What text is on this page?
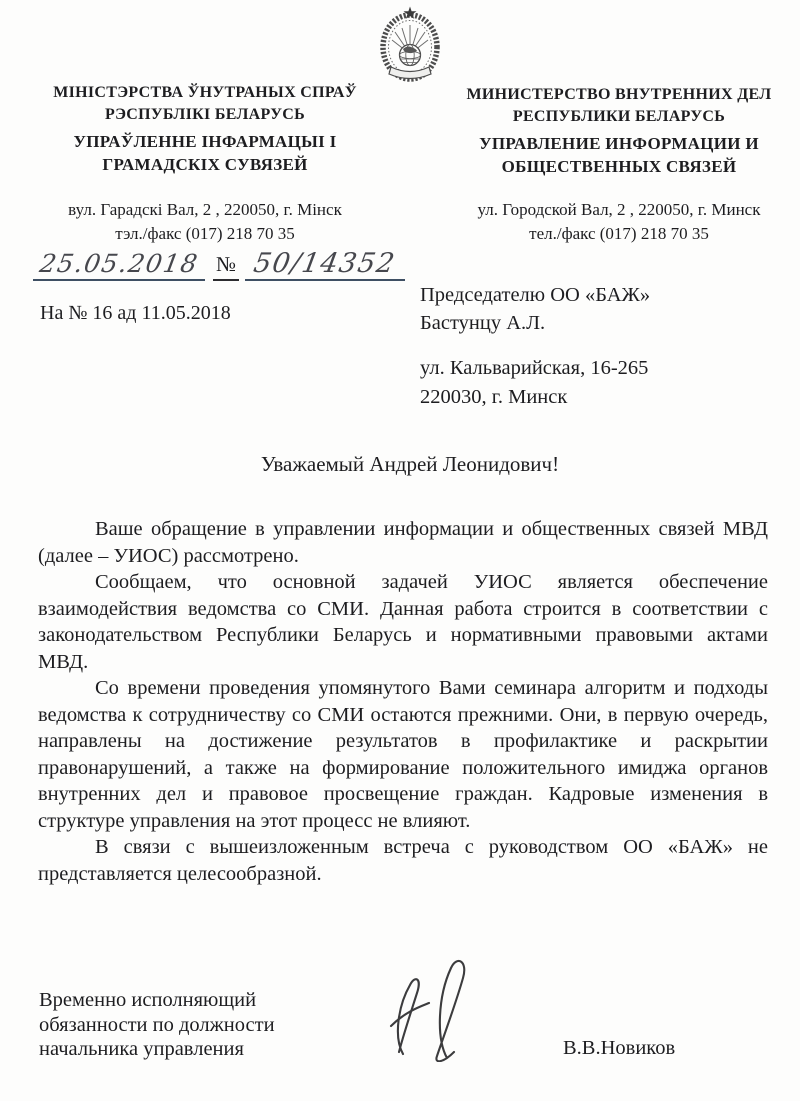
МІНІСТЭРСТВА ЎНУТРАНЫХ СПРАЎ
РЭСПУБЛІКІ БЕЛАРУСЬ
УПРАЎЛЕННЕ ІНФАРМАЦЫІ І
ГРАМАДСКІХ СУВЯЗЕЙ
МИНИСТЕРСТВО ВНУТРЕННИХ ДЕЛ
РЕСПУБЛИКИ БЕЛАРУСЬ
УПРАВЛЕНИЕ ИНФОРМАЦИИ И
ОБЩЕСТВЕННЫХ СВЯЗЕЙ
вул. Гарадскі Вал, 2 , 220050, г. Мінск
тэл./факс (017) 218 70 35
ул. Городской Вал, 2 , 220050, г. Минск
тел./факс (017) 218 70 35
25.05.2018 № 50/14352
На № 16 ад 11.05.2018
Председателю ОО «БАЖ»
Бастунцу А.Л.
ул. Кальварийская, 16-265
220030, г. Минск
Уважаемый Андрей Леонидович!

Ваше обращение в управлении информации и общественных связей МВД (далее – УИОС) рассмотрено.

Сообщаем, что основной задачей УИОС является обеспечение взаимодействия ведомства со СМИ. Данная работа строится в соответствии с законодательством Республики Беларусь и нормативными правовыми актами МВД.

Со времени проведения упомянутого Вами семинара алгоритм и подходы ведомства к сотрудничеству со СМИ остаются прежними. Они, в первую очередь, направлены на достижение результатов в профилактике и раскрытии правонарушений, а также на формирование положительного имиджа органов внутренних дел и правовое просвещение граждан. Кадровые изменения в структуре управления на этот процесс не влияют.

В связи с вышеизложенным встреча с руководством ОО «БАЖ» не представляется целесообразной.

Временно исполняющий
обязанности по должности
начальника управления	В.В.Новиков
